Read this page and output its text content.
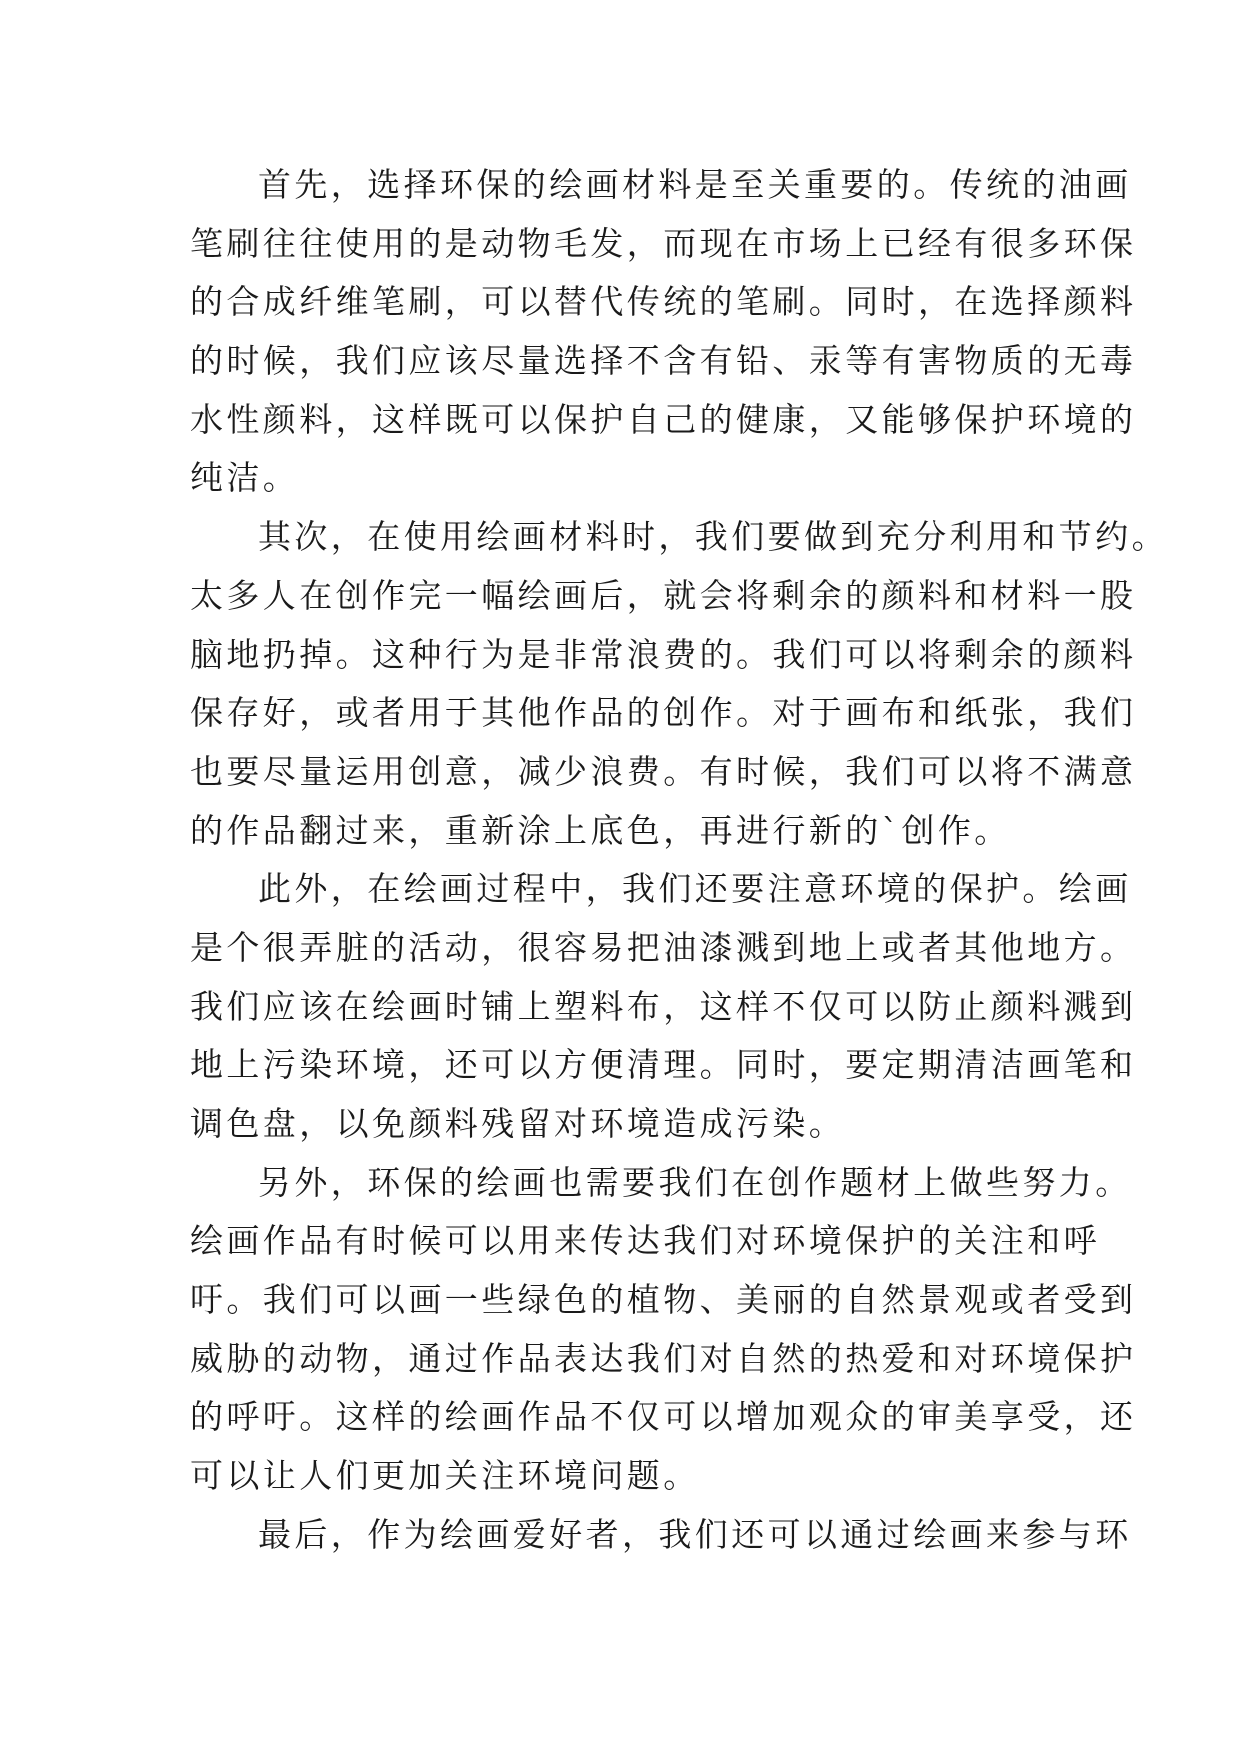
首先，选择环保的绘画材料是至关重要的。传统的油画
笔刷往往使用的是动物毛发，而现在市场上已经有很多环保
的合成纤维笔刷，可以替代传统的笔刷。同时，在选择颜料
的时候，我们应该尽量选择不含有铅、汞等有害物质的无毒
水性颜料，这样既可以保护自己的健康，又能够保护环境的
纯洁。
其次，在使用绘画材料时，我们要做到充分利用和节约。
太多人在创作完一幅绘画后，就会将剩余的颜料和材料一股
脑地扔掉。这种行为是非常浪费的。我们可以将剩余的颜料
保存好，或者用于其他作品的创作。对于画布和纸张，我们
也要尽量运用创意，减少浪费。有时候，我们可以将不满意
的作品翻过来，重新涂上底色，再进行新的`创作。
此外，在绘画过程中，我们还要注意环境的保护。绘画
是个很弄脏的活动，很容易把油漆溅到地上或者其他地方。
我们应该在绘画时铺上塑料布，这样不仅可以防止颜料溅到
地上污染环境，还可以方便清理。同时，要定期清洁画笔和
调色盘，以免颜料残留对环境造成污染。
另外，环保的绘画也需要我们在创作题材上做些努力。
绘画作品有时候可以用来传达我们对环境保护的关注和呼
吁。我们可以画一些绿色的植物、美丽的自然景观或者受到
威胁的动物，通过作品表达我们对自然的热爱和对环境保护
的呼吁。这样的绘画作品不仅可以增加观众的审美享受，还
可以让人们更加关注环境问题。
最后，作为绘画爱好者，我们还可以通过绘画来参与环
